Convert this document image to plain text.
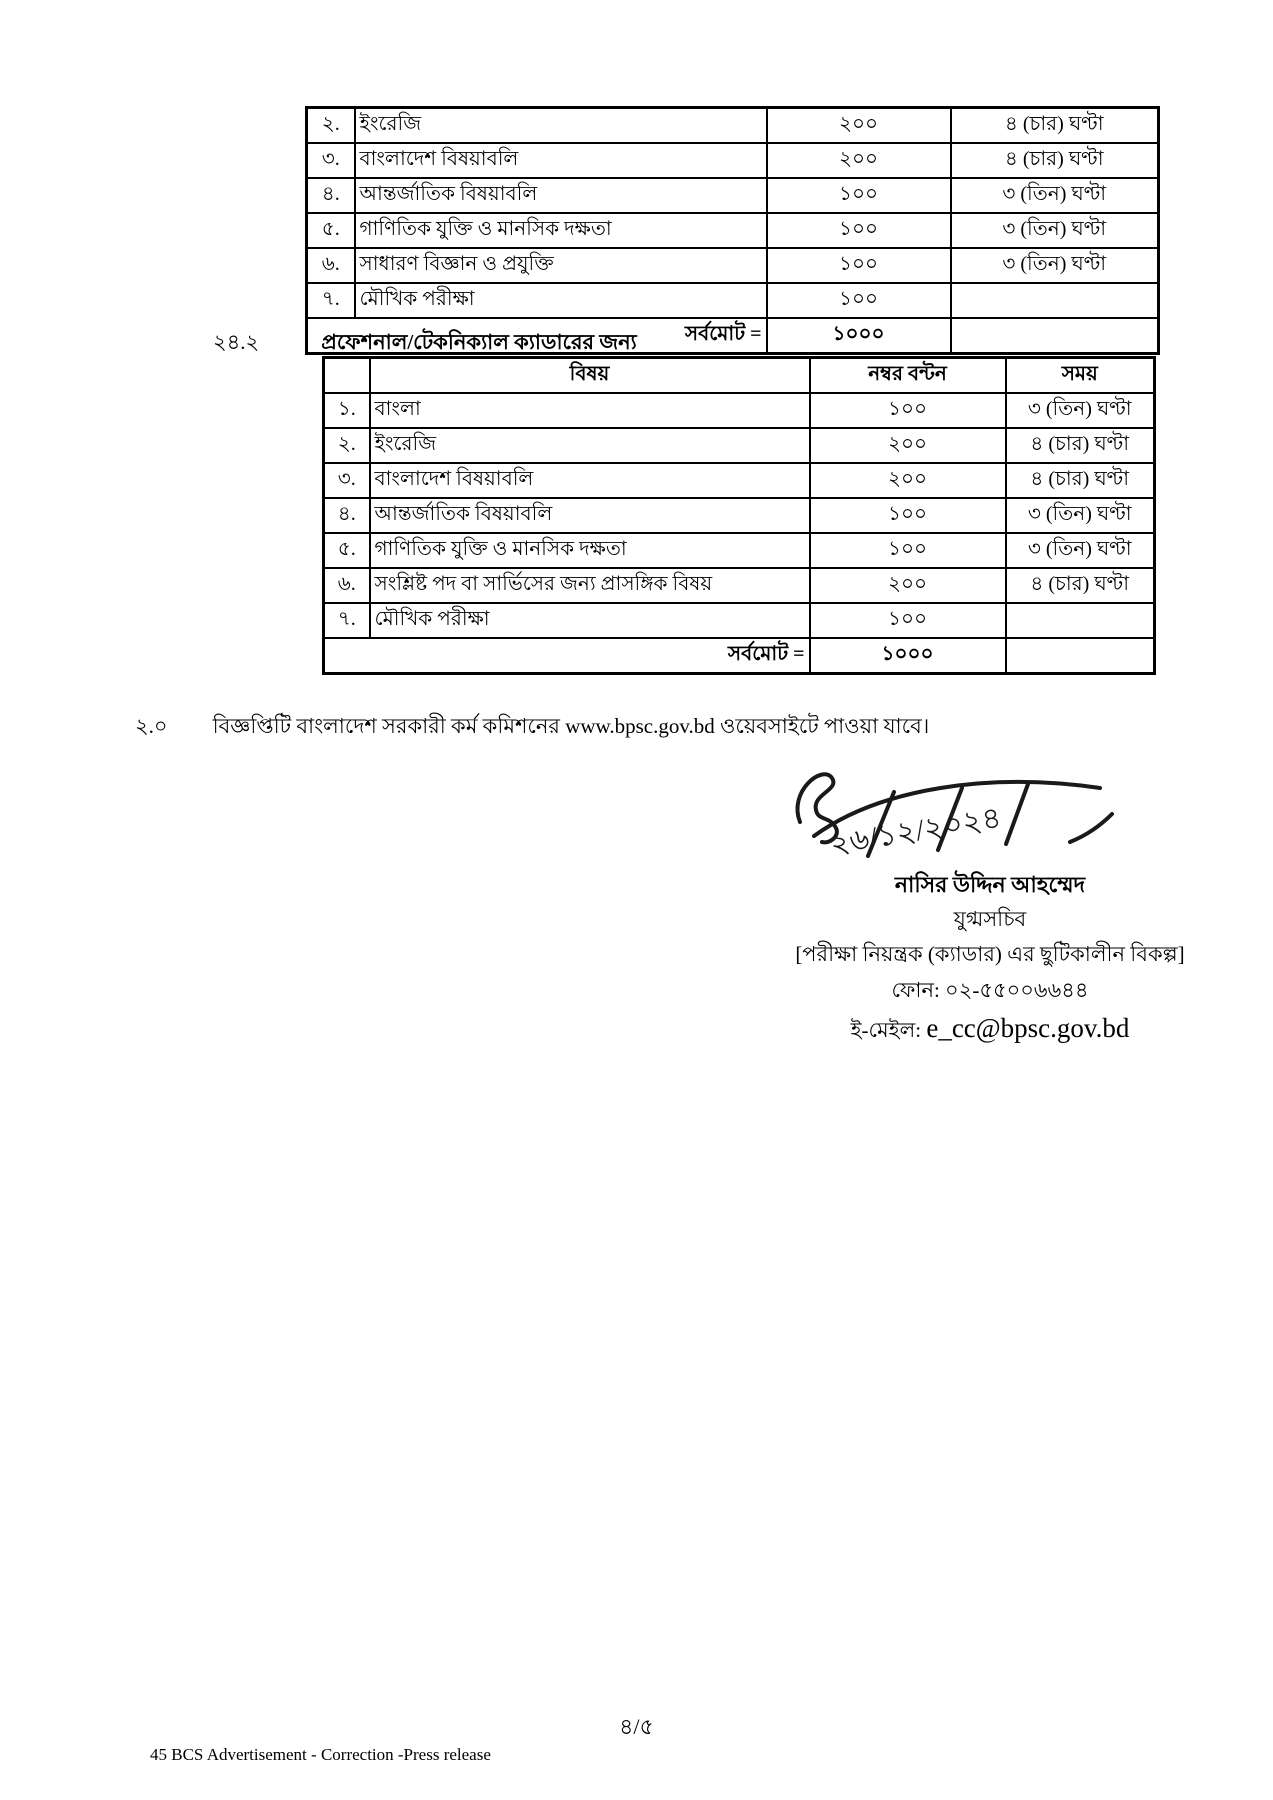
২.	ইংরেজি	২০০	৪ (চার) ঘণ্টা
৩.	বাংলাদেশ বিষয়াবলি	২০০	৪ (চার) ঘণ্টা
৪.	আন্তর্জাতিক বিষয়াবলি	১০০	৩ (তিন) ঘণ্টা
৫.	গাণিতিক যুক্তি ও মানসিক দক্ষতা	১০০	৩ (তিন) ঘণ্টা
৬.	সাধারণ বিজ্ঞান ও প্রযুক্তি	১০০	৩ (তিন) ঘণ্টা
৭.	মৌখিক পরীক্ষা	১০০	
সর্বমোট =		১০০০	
২৪.২	প্রফেশনাল/টেকনিক্যাল ক্যাডারের জন্য
	বিষয়	নম্বর বন্টন	সময়
১.	বাংলা	১০০	৩ (তিন) ঘণ্টা
২.	ইংরেজি	২০০	৪ (চার) ঘণ্টা
৩.	বাংলাদেশ বিষয়াবলি	২০০	৪ (চার) ঘণ্টা
৪.	আন্তর্জাতিক বিষয়াবলি	১০০	৩ (তিন) ঘণ্টা
৫.	গাণিতিক যুক্তি ও মানসিক দক্ষতা	১০০	৩ (তিন) ঘণ্টা
৬.	সংশ্লিষ্ট পদ বা সার্ভিসের জন্য প্রাসঙ্গিক বিষয়	২০০	৪ (চার) ঘণ্টা
৭.	মৌখিক পরীক্ষা	১০০	
সর্বমোট =		১০০০	
২.০ বিজ্ঞপ্তিটি বাংলাদেশ সরকারী কর্ম কমিশনের www.bpsc.gov.bd ওয়েবসাইটে পাওয়া যাবে।
২৬/১২/২০২৪
নাসির উদ্দিন আহম্মেদ
যুগ্মসচিব
[পরীক্ষা নিয়ন্ত্রক (ক্যাডার) এর ছুটিকালীন বিকল্প]
ফোন: ০২-৫৫০০৬৬৪৪
ই-মেইল: e_cc@bpsc.gov.bd
৪/৫
45 BCS Advertisement - Correction -Press release
